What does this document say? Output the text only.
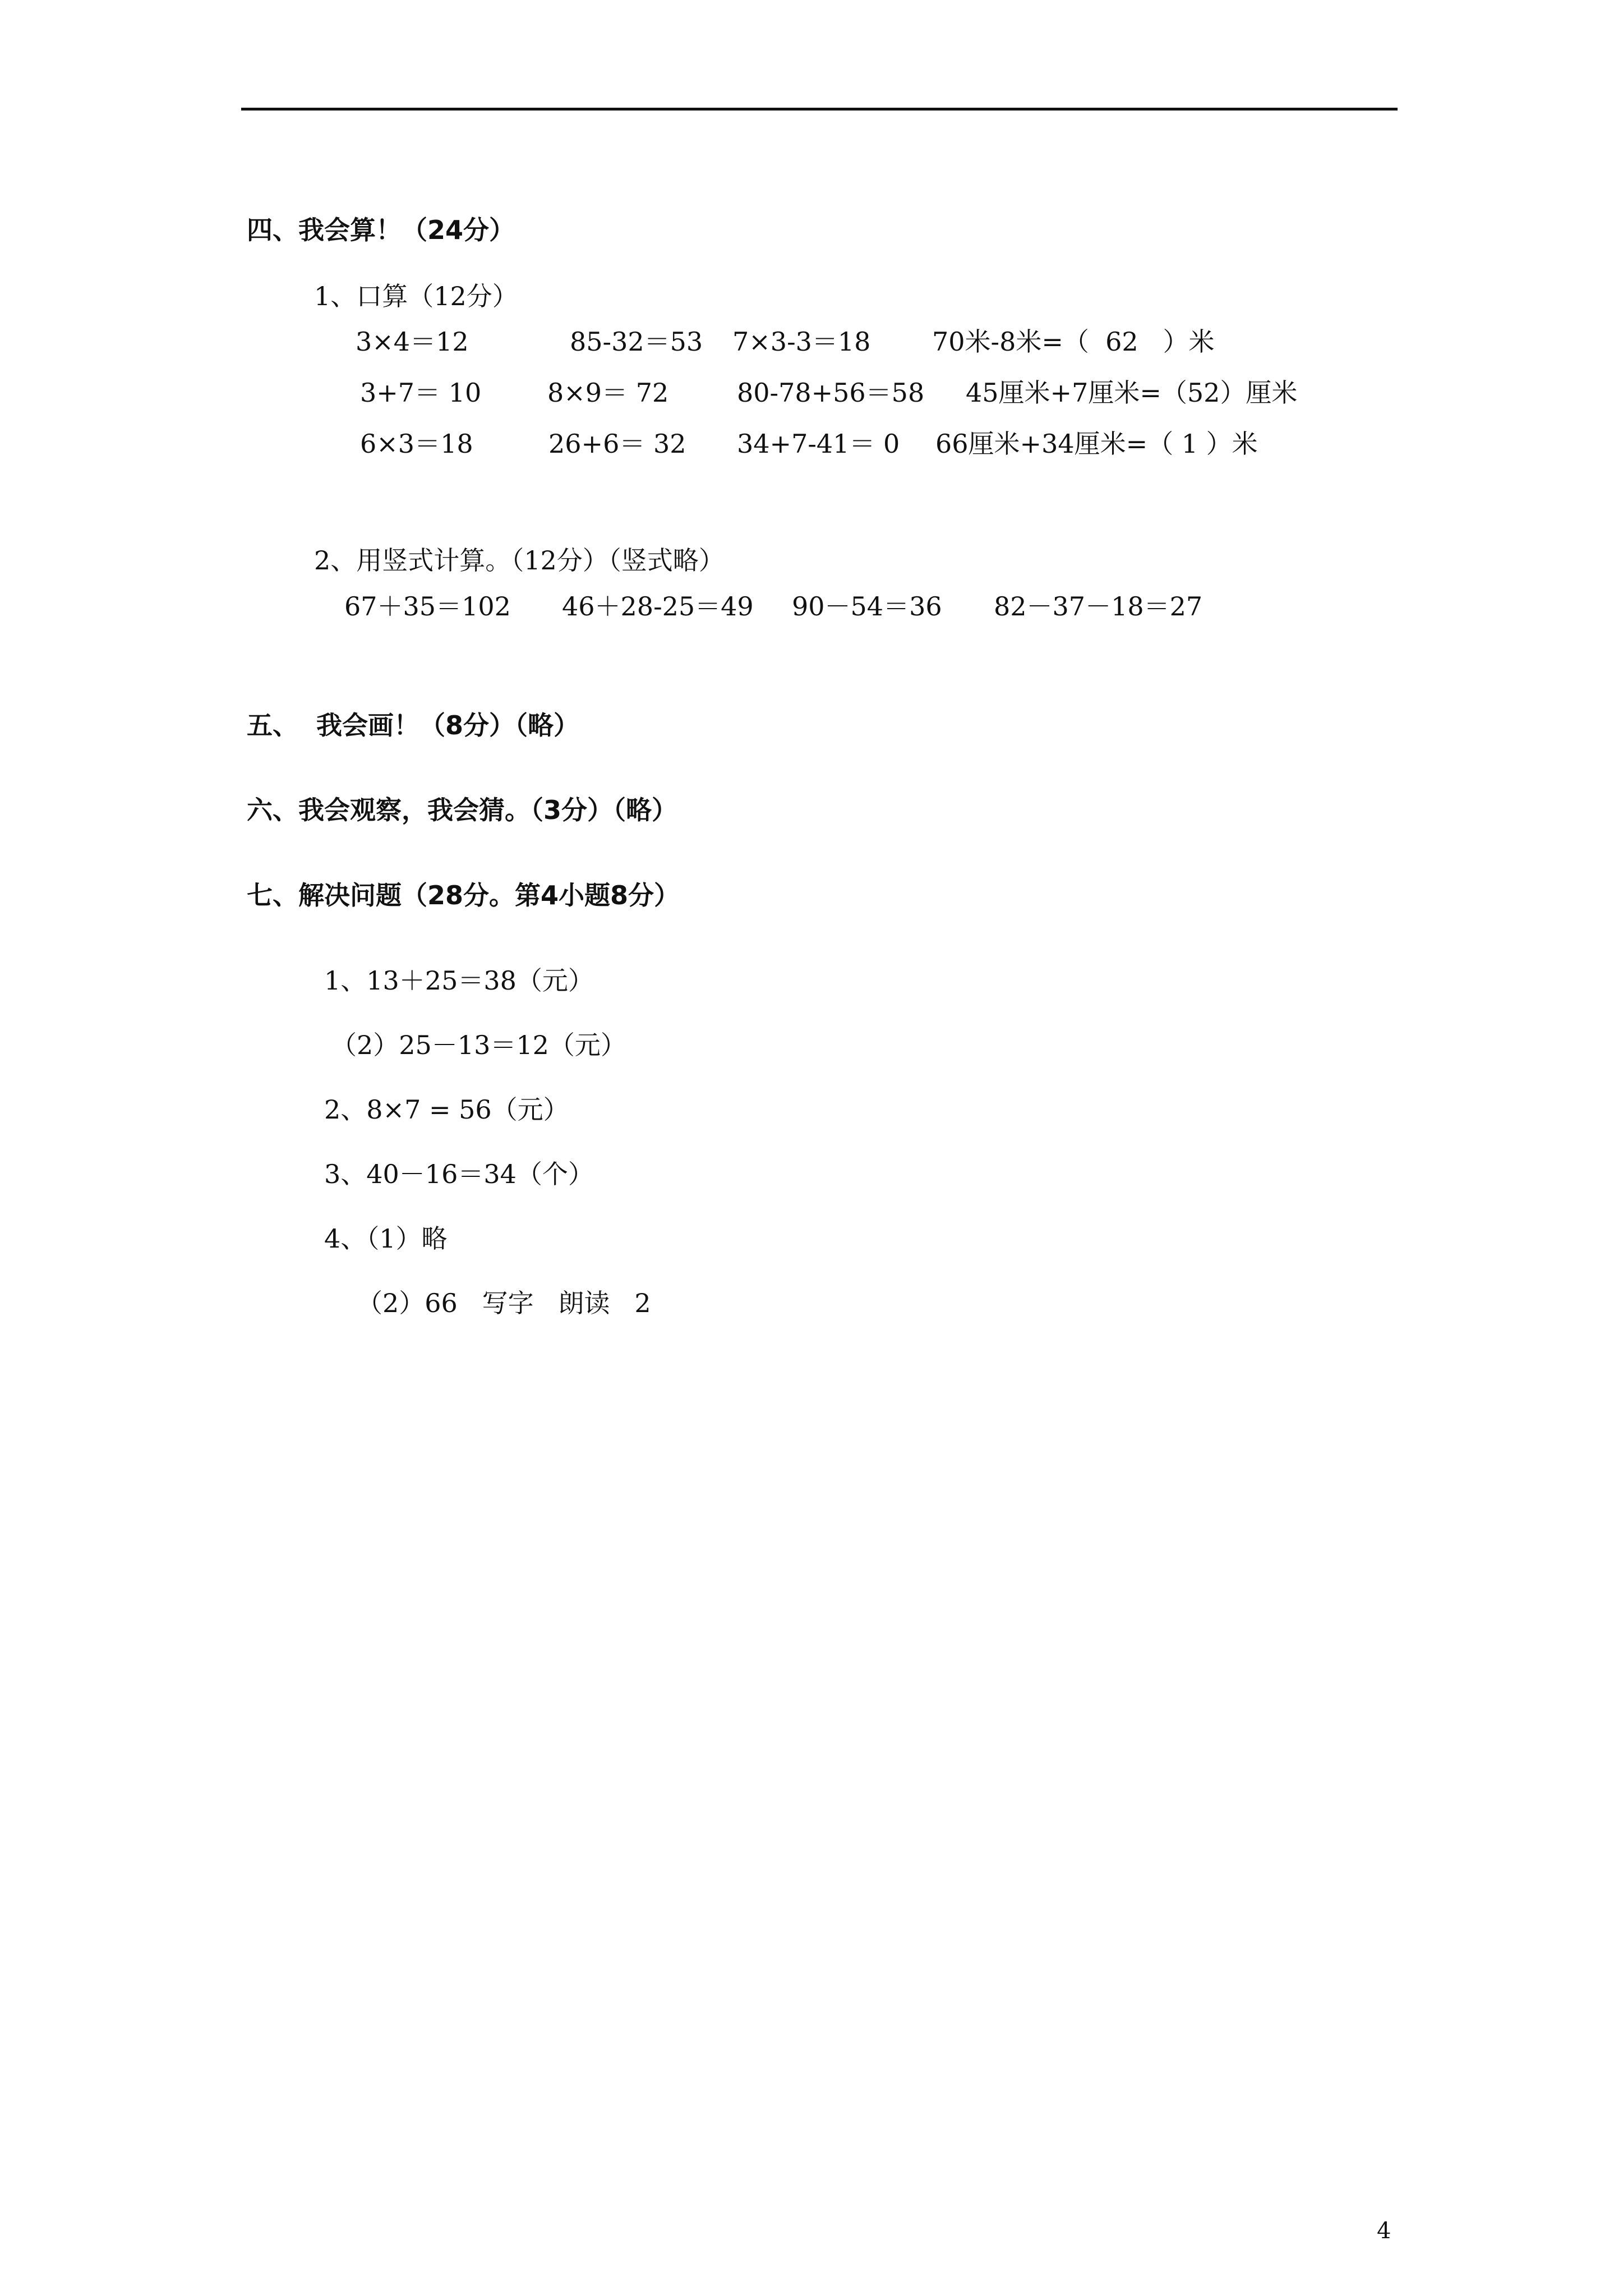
四、我会算！（24分）
1、口算（12分）
3×4＝12	85-32＝53 7×3-3＝18 70米-8米=（  62   ）米
3+7＝ 10	8×9＝ 72	80-78+56＝58 45厘米+7厘米=（52）厘米
6×3＝18	26+6＝ 32 34+7-41＝ 0 66厘米+34厘米=（ 1 ）米
2、用竖式计算。（12分）（竖式略）
67＋35＝102 46＋28-25＝49 90－54＝36 82－37－18＝27
五、  我会画！（8分）（略）
六、我会观察，我会猜。（3分）（略）
七、解决问题（28分。第4小题8分）
1、13＋25＝38（元）
（2）25－13＝12（元）
2、8×7 = 56（元）
3、40－16＝34（个）
4、（1）略
（2）66   写字   朗读   2
4
